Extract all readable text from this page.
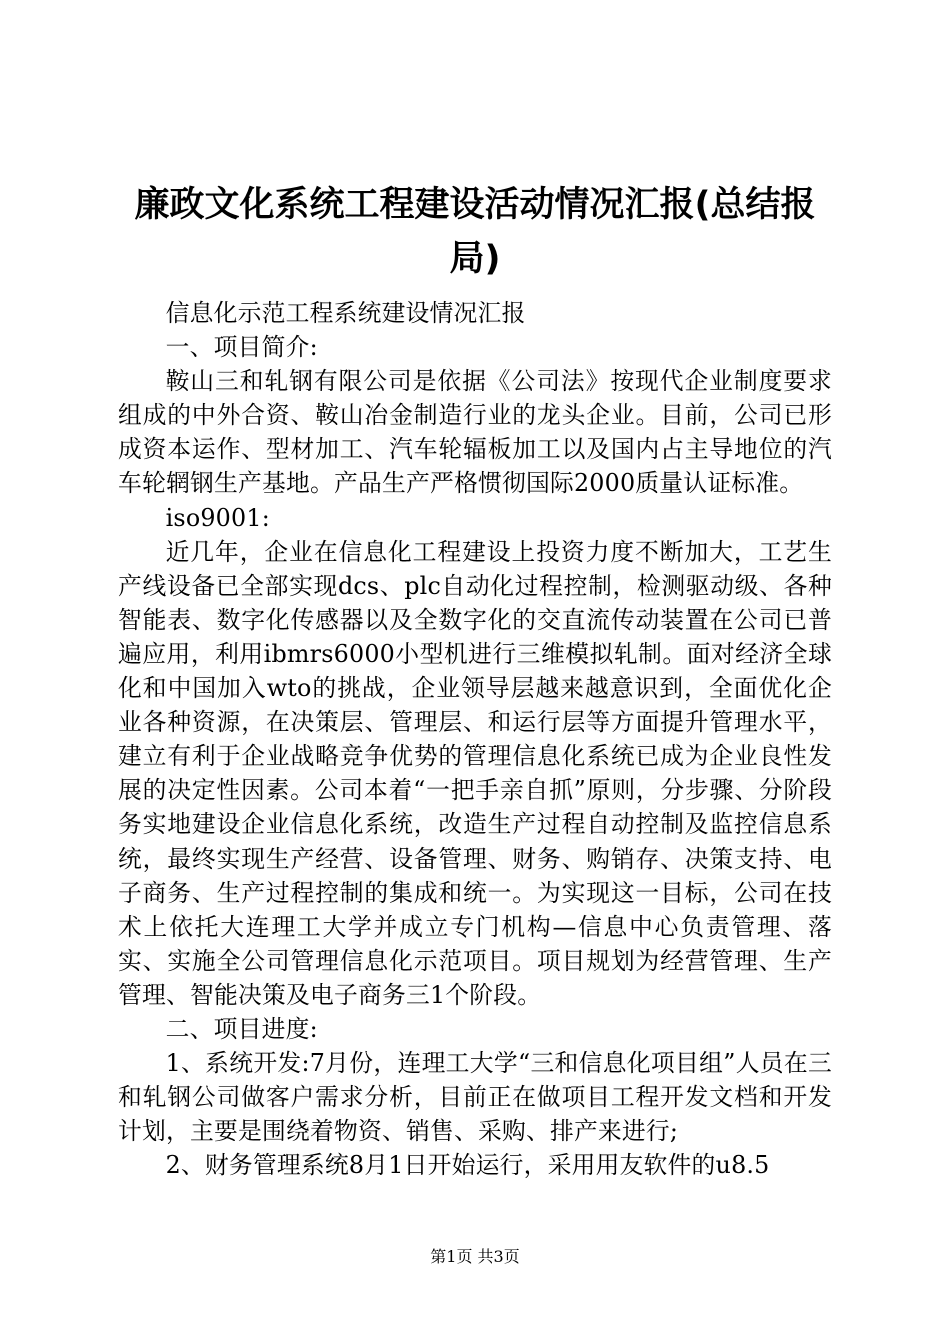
廉政文化系统工程建设活动情况汇报(总结报局)

信息化示范工程系统建设情况汇报

一、项目简介:

鞍山三和轧钢有限公司是依据《公司法》按现代企业制度要求组成的中外合资、鞍山冶金制造行业的龙头企业。目前，公司已形成资本运作、型材加工、汽车轮辐板加工以及国内占主导地位的汽车轮辋钢生产基地。产品生产严格惯彻国际2000质量认证标准。

iso9001:

近几年，企业在信息化工程建设上投资力度不断加大，工艺生产线设备已全部实现dcs、plc自动化过程控制，检测驱动级、各种智能表、数字化传感器以及全数字化的交直流传动装置在公司已普遍应用，利用ibmrs6000小型机进行三维模拟轧制。面对经济全球化和中国加入wto的挑战，企业领导层越来越意识到，全面优化企业各种资源，在决策层、管理层、和运行层等方面提升管理水平，建立有利于企业战略竞争优势的管理信息化系统已成为企业良性发展的决定性因素。公司本着“一把手亲自抓”原则，分步骤、分阶段务实地建设企业信息化系统，改造生产过程自动控制及监控信息系统，最终实现生产经营、设备管理、财务、购销存、决策支持、电子商务、生产过程控制的集成和统一。为实现这一目标，公司在技术上依托大连理工大学并成立专门机构—信息中心负责管理、落实、实施全公司管理信息化示范项目。项目规划为经营管理、生产管理、智能决策及电子商务三1个阶段。

二、项目进度:

1、系统开发:7月份，连理工大学“三和信息化项目组”人员在三和轧钢公司做客户需求分析，目前正在做项目工程开发文档和开发计划，主要是围绕着物资、销售、采购、排产来进行;

2、财务管理系统8月1日开始运行，采用用友软件的u8.5

第1页 共3页
